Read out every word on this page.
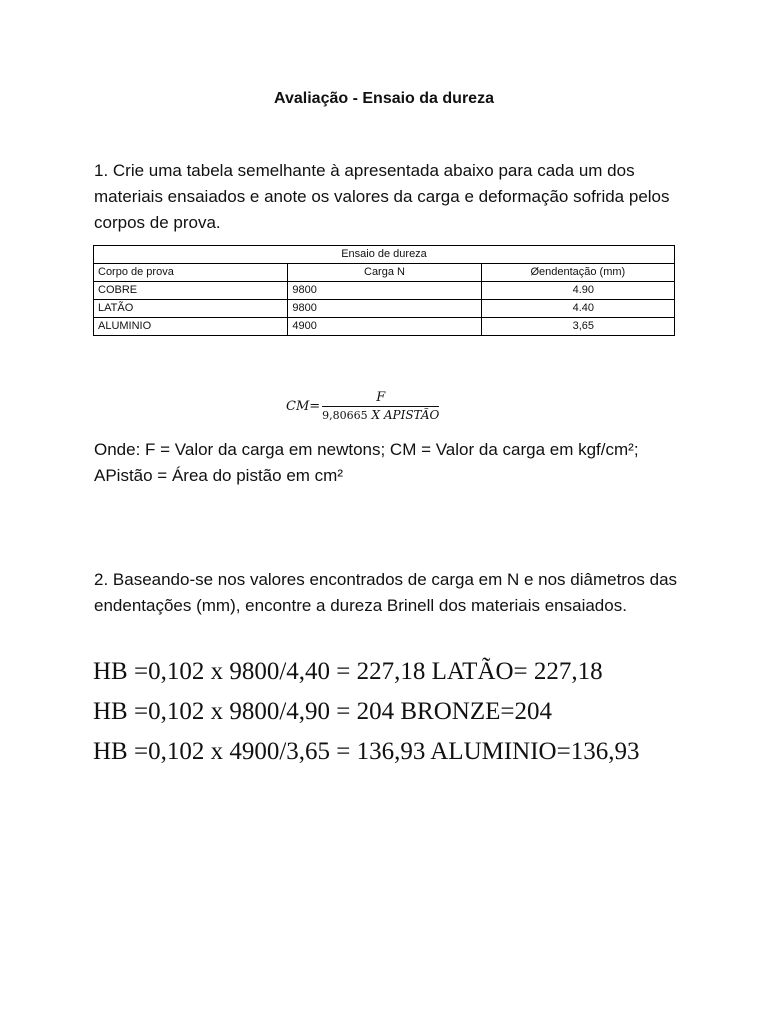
Avaliação - Ensaio da dureza
1. Crie uma tabela semelhante à apresentada abaixo para cada um dos materiais ensaiados e anote os valores da carga e deformação sofrida pelos corpos de prova.
Ensaio de dureza		
Corpo de prova	Carga N	Øendentação (mm)
COBRE	9800	4.90
LATÃO	9800	4.40
ALUMINIO	4900	3,65
$CM= \frac{F}{\text{9,80665 X APISTÃO}}$
Onde: F = Valor da carga em newtons; CM = Valor da carga em kgf/cm²; APistão = Área do pistão em cm²
2. Baseando-se nos valores encontrados de carga em N e nos diâmetros das endentações (mm), encontre a dureza Brinell dos materiais ensaiados.
HB =0,102 x 9800/4,40 = 227,18 LATÃO= 227,18
HB =0,102 x 9800/4,90 = 204 BRONZE=204
HB =0,102 x 4900/3,65 = 136,93 ALUMINIO=136,93
